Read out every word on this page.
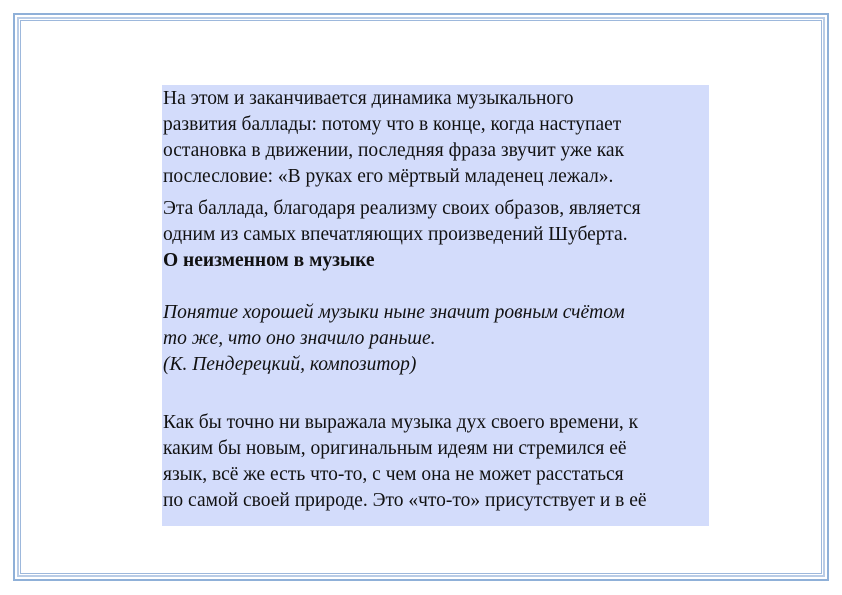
На этом и заканчивается динамика музыкального
развития баллады: потому что в конце, когда наступает
остановка в движении, последняя фраза звучит уже как
послесловие: «В руках его мёртвый младенец лежал».

Эта баллада, благодаря реализму своих образов, является
одним из самых впечатляющих произведений Шуберта.

О неизменном в музыке

Понятие хорошей музыки ныне значит ровным счётом
то же, что оно значило раньше.
(К. Пендерецкий, композитор)

Как бы точно ни выражала музыка дух своего времени, к
каким бы новым, оригинальным идеям ни стремился её
язык, всё же есть что-то, с чем она не может расстаться
по самой своей природе. Это «что-то» присутствует и в её
